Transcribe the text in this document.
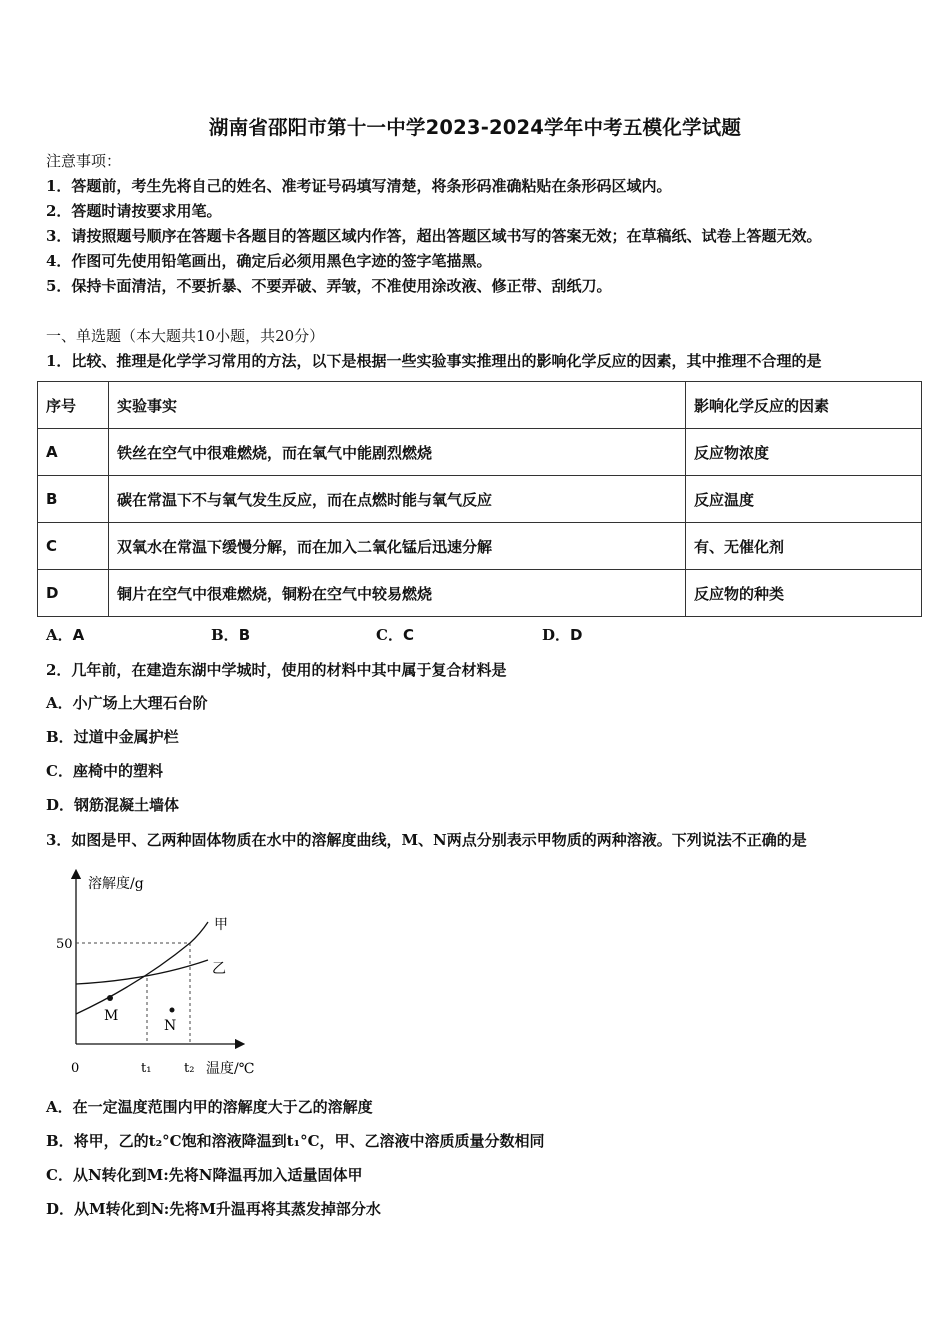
湖南省邵阳市第十一中学2023-2024学年中考五模化学试题
注意事项：
1．答题前，考生先将自己的姓名、准考证号码填写清楚，将条形码准确粘贴在条形码区域内。
2．答题时请按要求用笔。
3．请按照题号顺序在答题卡各题目的答题区域内作答，超出答题区域书写的答案无效；在草稿纸、试卷上答题无效。
4．作图可先使用铅笔画出，确定后必须用黑色字迹的签字笔描黑。
5．保持卡面清洁，不要折暴、不要弄破、弄皱，不准使用涂改液、修正带、刮纸刀。
一、单选题（本大题共10小题，共20分）
1．比较、推理是化学学习常用的方法，以下是根据一些实验事实推理出的影响化学反应的因素，其中推理不合理的是
序号	实验事实	影响化学反应的因素
A	铁丝在空气中很难燃烧，而在氧气中能剧烈燃烧	反应物浓度
B	碳在常温下不与氧气发生反应，而在点燃时能与氧气反应	反应温度
C	双氧水在常温下缓慢分解，而在加入二氧化锰后迅速分解	有、无催化剂
D	铜片在空气中很难燃烧，铜粉在空气中较易燃烧	反应物的种类
A．A	B．B	C．C	D．D
2．几年前，在建造东湖中学城时，使用的材料中其中属于复合材料是
A．小广场上大理石台阶
B．过道中金属护栏
C．座椅中的塑料
D．钢筋混凝土墙体
3．如图是甲、乙两种固体物质在水中的溶解度曲线，M、N两点分别表示甲物质的两种溶液。下列说法不正确的是
溶解度/g
温度/℃
0
50
t₁	t₂
甲
乙
M
N
A．在一定温度范围内甲的溶解度大于乙的溶解度
B．将甲，乙的t₂°C饱和溶液降温到t₁°C，甲、乙溶液中溶质质量分数相同
C．从N转化到M:先将N降温再加入适量固体甲
D．从M转化到N:先将M升温再将其蒸发掉部分水
